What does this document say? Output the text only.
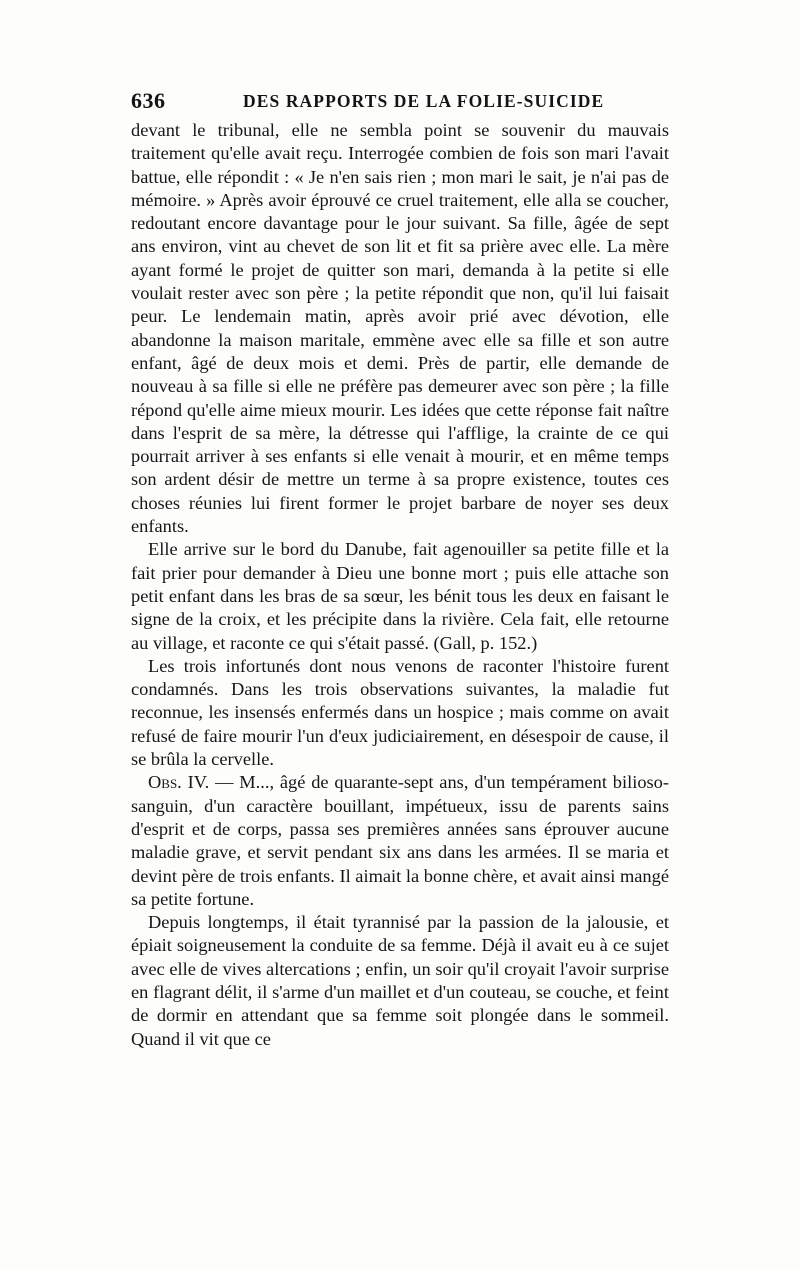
636	DES RAPPORTS DE LA FOLIE-SUICIDE

devant le tribunal, elle ne sembla point se souvenir du mauvais traitement qu'elle avait reçu. Interrogée combien de fois son mari l'avait battue, elle répondit : « Je n'en sais rien ; mon mari le sait, je n'ai pas de mémoire. » Après avoir éprouvé ce cruel traitement, elle alla se coucher, redoutant encore davantage pour le jour suivant. Sa fille, âgée de sept ans environ, vint au chevet de son lit et fit sa prière avec elle. La mère ayant formé le projet de quitter son mari, demanda à la petite si elle voulait rester avec son père ; la petite répondit que non, qu'il lui faisait peur. Le lendemain matin, après avoir prié avec dévotion, elle abandonne la maison maritale, emmène avec elle sa fille et son autre enfant, âgé de deux mois et demi. Près de partir, elle demande de nouveau à sa fille si elle ne préfère pas demeurer avec son père ; la fille répond qu'elle aime mieux mourir. Les idées que cette réponse fait naître dans l'esprit de sa mère, la détresse qui l'afflige, la crainte de ce qui pourrait arriver à ses enfants si elle venait à mourir, et en même temps son ardent désir de mettre un terme à sa propre existence, toutes ces choses réunies lui firent former le projet barbare de noyer ses deux enfants.

Elle arrive sur le bord du Danube, fait agenouiller sa petite fille et la fait prier pour demander à Dieu une bonne mort ; puis elle attache son petit enfant dans les bras de sa sœur, les bénit tous les deux en faisant le signe de la croix, et les précipite dans la rivière. Cela fait, elle retourne au village, et raconte ce qui s'était passé. (Gall, p. 152.)

Les trois infortunés dont nous venons de raconter l'histoire furent condamnés. Dans les trois observations suivantes, la maladie fut reconnue, les insensés enfermés dans un hospice ; mais comme on avait refusé de faire mourir l'un d'eux judiciairement, en désespoir de cause, il se brûla la cervelle.

Obs. IV. — M..., âgé de quarante-sept ans, d'un tempérament bilioso-sanguin, d'un caractère bouillant, impétueux, issu de parents sains d'esprit et de corps, passa ses premières années sans éprouver aucune maladie grave, et servit pendant six ans dans les armées. Il se maria et devint père de trois enfants. Il aimait la bonne chère, et avait ainsi mangé sa petite fortune.

Depuis longtemps, il était tyrannisé par la passion de la jalousie, et épiait soigneusement la conduite de sa femme. Déjà il avait eu à ce sujet avec elle de vives altercations ; enfin, un soir qu'il croyait l'avoir surprise en flagrant délit, il s'arme d'un maillet et d'un couteau, se couche, et feint de dormir en attendant que sa femme soit plongée dans le sommeil. Quand il vit que ce
